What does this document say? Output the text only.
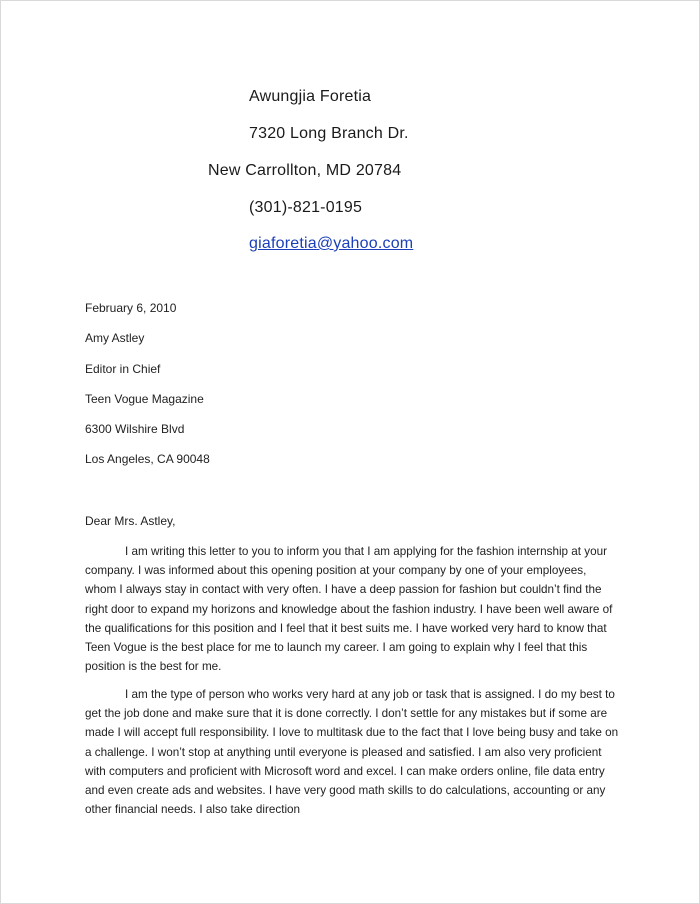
Awungjia Foretia
7320 Long Branch Dr.
New Carrollton, MD 20784
(301)-821-0195
giaforetia@yahoo.com
February 6, 2010
Amy Astley
Editor in Chief
Teen Vogue Magazine
6300 Wilshire Blvd
Los Angeles, CA 90048
Dear Mrs. Astley,

I am writing this letter to you to inform you that I am applying for the fashion internship at your company. I was informed about this opening position at your company by one of your employees, whom I always stay in contact with very often. I have a deep passion for fashion but couldn’t find the right door to expand my horizons and knowledge about the fashion industry. I have been well aware of the qualifications for this position and I feel that it best suits me. I have worked very hard to know that Teen Vogue is the best place for me to launch my career. I am going to explain why I feel that this position is the best for me.

I am the type of person who works very hard at any job or task that is assigned. I do my best to get the job done and make sure that it is done correctly. I don’t settle for any mistakes but if some are made I will accept full responsibility. I love to multitask due to the fact that I love being busy and take on a challenge. I won’t stop at anything until everyone is pleased and satisfied. I am also very proficient with computers and proficient with Microsoft word and excel. I can make orders online, file data entry and even create ads and websites. I have very good math skills to do calculations, accounting or any other financial needs. I also take direction
